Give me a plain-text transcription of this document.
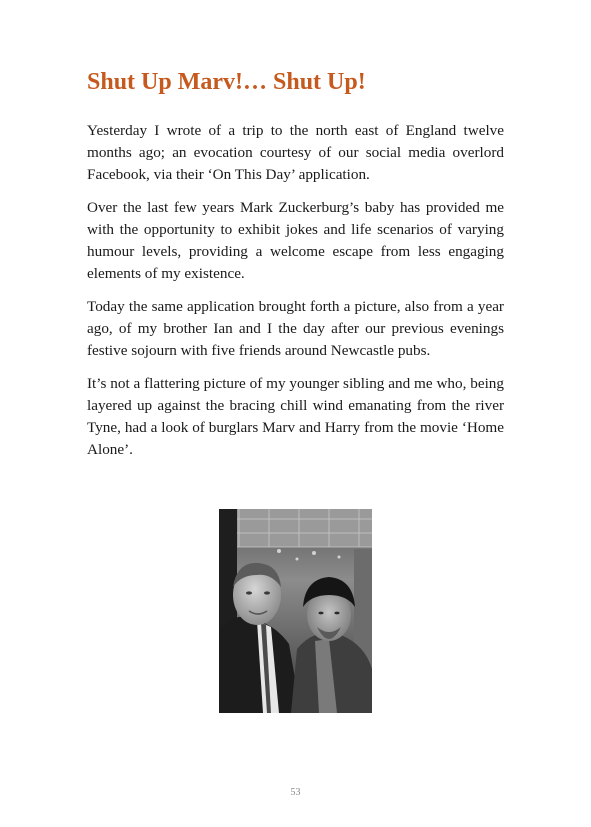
Shut Up Marv!… Shut Up!

Yesterday I wrote of a trip to the north east of England twelve months ago; an evocation courtesy of our social media overlord Facebook, via their ‘On This Day’ application.

Over the last few years Mark Zuckerburg’s baby has provided me with the opportunity to exhibit jokes and life scenarios of varying humour levels, providing a welcome escape from less engaging elements of my existence.

Today the same application brought forth a picture, also from a year ago, of my brother Ian and I the day after our previous evenings festive sojourn with five friends around Newcastle pubs.

It’s not a flattering picture of my younger sibling and me who, being layered up against the bracing chill wind emanating from the river Tyne, had a look of burglars Marv and Harry from the movie ‘Home Alone’.

53
